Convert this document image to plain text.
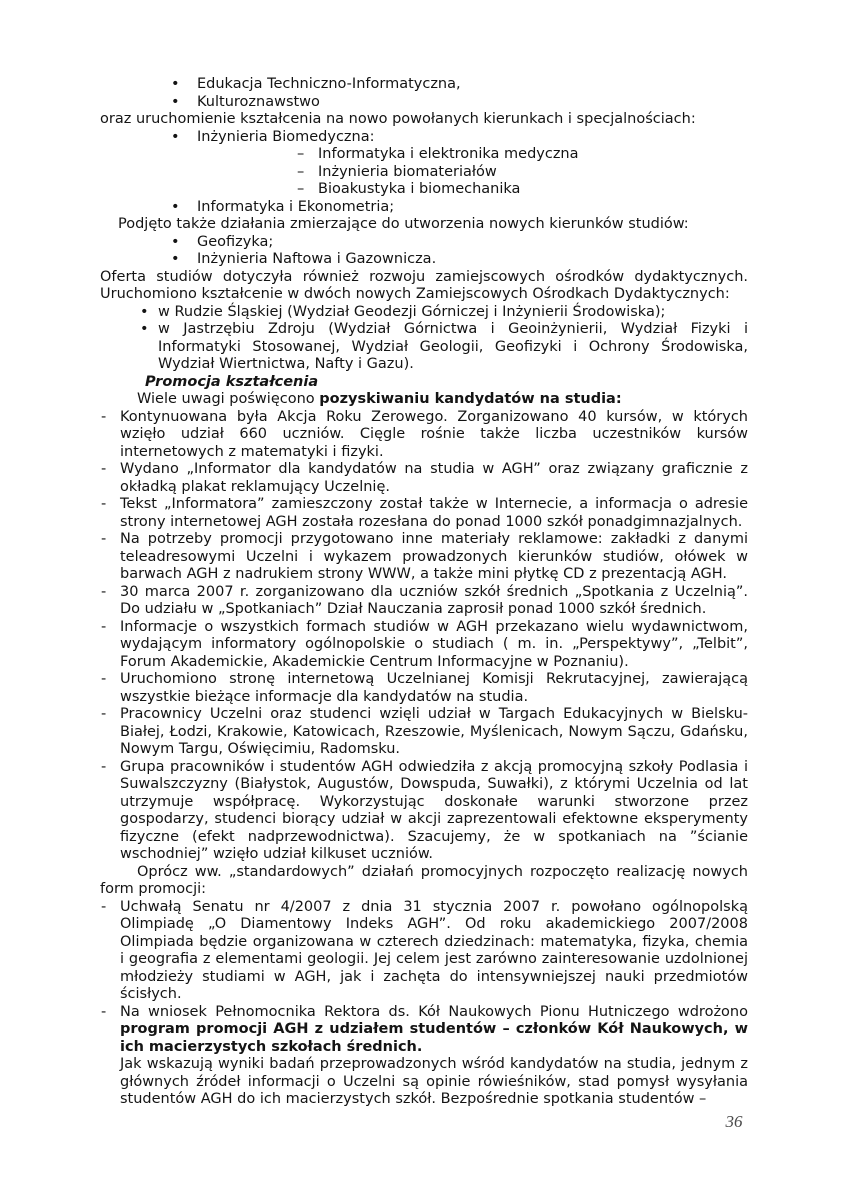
• Edukacja Techniczno-Informatyczna,
• Kulturoznawstwo
oraz uruchomienie kształcenia na nowo powołanych kierunkach i specjalnościach:
• Inżynieria Biomedyczna:
– Informatyka i elektronika medyczna
– Inżynieria biomateriałów
– Bioakustyka i biomechanika
• Informatyka i Ekonometria;
Podjęto także działania zmierzające do utworzenia nowych kierunków studiów:
• Geofizyka;
• Inżynieria Naftowa i Gazownicza.
Oferta studiów dotyczyła również rozwoju zamiejscowych ośrodków dydaktycznych. Uruchomiono kształcenie w dwóch nowych Zamiejscowych Ośrodkach Dydaktycznych:
• w Rudzie Śląskiej (Wydział Geodezji Górniczej i Inżynierii Środowiska);
• w Jastrzębiu Zdroju (Wydział Górnictwa i Geoinżynierii, Wydział Fizyki i Informatyki Stosowanej, Wydział Geologii, Geofizyki i Ochrony Środowiska, Wydział Wiertnictwa, Nafty i Gazu).
Promocja kształcenia
Wiele uwagi poświęcono pozyskiwaniu kandydatów na studia:
- Kontynuowana była Akcja Roku Zerowego. Zorganizowano 40 kursów, w których wzięło udział 660 uczniów. Cięgle rośnie także liczba uczestników kursów internetowych z matematyki i fizyki.
- Wydano „Informator dla kandydatów na studia w AGH” oraz związany graficznie z okładką plakat reklamujący Uczelnię.
- Tekst „Informatora” zamieszczony został także w Internecie, a informacja o adresie strony internetowej AGH została rozesłana do ponad 1000 szkół ponadgimnazjalnych.
- Na potrzeby promocji przygotowano inne materiały reklamowe: zakładki z danymi teleadresowymi Uczelni i wykazem prowadzonych kierunków studiów, ołówek w barwach AGH z nadrukiem strony WWW, a także mini płytkę CD z prezentacją AGH.
- 30 marca 2007 r. zorganizowano dla uczniów szkół średnich „Spotkania z Uczelnią”. Do udziału w „Spotkaniach” Dział Nauczania zaprosił ponad 1000 szkół średnich.
- Informacje o wszystkich formach studiów w AGH przekazano wielu wydawnictwom, wydającym informatory ogólnopolskie o studiach ( m. in. „Perspektywy”, „Telbit”, Forum Akademickie, Akademickie Centrum Informacyjne w Poznaniu).
- Uruchomiono stronę internetową Uczelnianej Komisji Rekrutacyjnej, zawierającą wszystkie bieżące informacje dla kandydatów na studia.
- Pracownicy Uczelni oraz studenci wzięli udział w Targach Edukacyjnych w Bielsku-Białej, Łodzi, Krakowie, Katowicach, Rzeszowie, Myślenicach, Nowym Sączu, Gdańsku, Nowym Targu, Oświęcimiu, Radomsku.
- Grupa pracowników i studentów AGH odwiedziła z akcją promocyjną szkoły Podlasia i Suwalszczyzny (Białystok, Augustów, Dowspuda, Suwałki), z którymi Uczelnia od lat utrzymuje współpracę. Wykorzystując doskonałe warunki stworzone przez gospodarzy, studenci biorący udział w akcji zaprezentowali efektowne eksperymenty fizyczne (efekt nadprzewodnictwa). Szacujemy, że w spotkaniach na ”ścianie wschodniej” wzięło udział kilkuset uczniów.
Oprócz ww. „standardowych” działań promocyjnych rozpoczęto realizację nowych form promocji:
- Uchwałą Senatu nr 4/2007 z dnia 31 stycznia 2007 r. powołano ogólnopolską Olimpiadę „O Diamentowy Indeks AGH”. Od roku akademickiego 2007/2008 Olimpiada będzie organizowana w czterech dziedzinach: matematyka, fizyka, chemia i geografia z elementami geologii. Jej celem jest zarówno zainteresowanie uzdolnionej młodzieży studiami w AGH, jak i zachęta do intensywniejszej nauki przedmiotów ścisłych.
- Na wniosek Pełnomocnika Rektora ds. Kół Naukowych Pionu Hutniczego wdrożono program promocji AGH z udziałem studentów – członków Kół Naukowych, w ich macierzystych szkołach średnich.
Jak wskazują wyniki badań przeprowadzonych wśród kandydatów na studia, jednym z głównych źródeł informacji o Uczelni są opinie rówieśników, stad pomysł wysyłania studentów AGH do ich macierzystych szkół. Bezpośrednie spotkania studentów –
36
